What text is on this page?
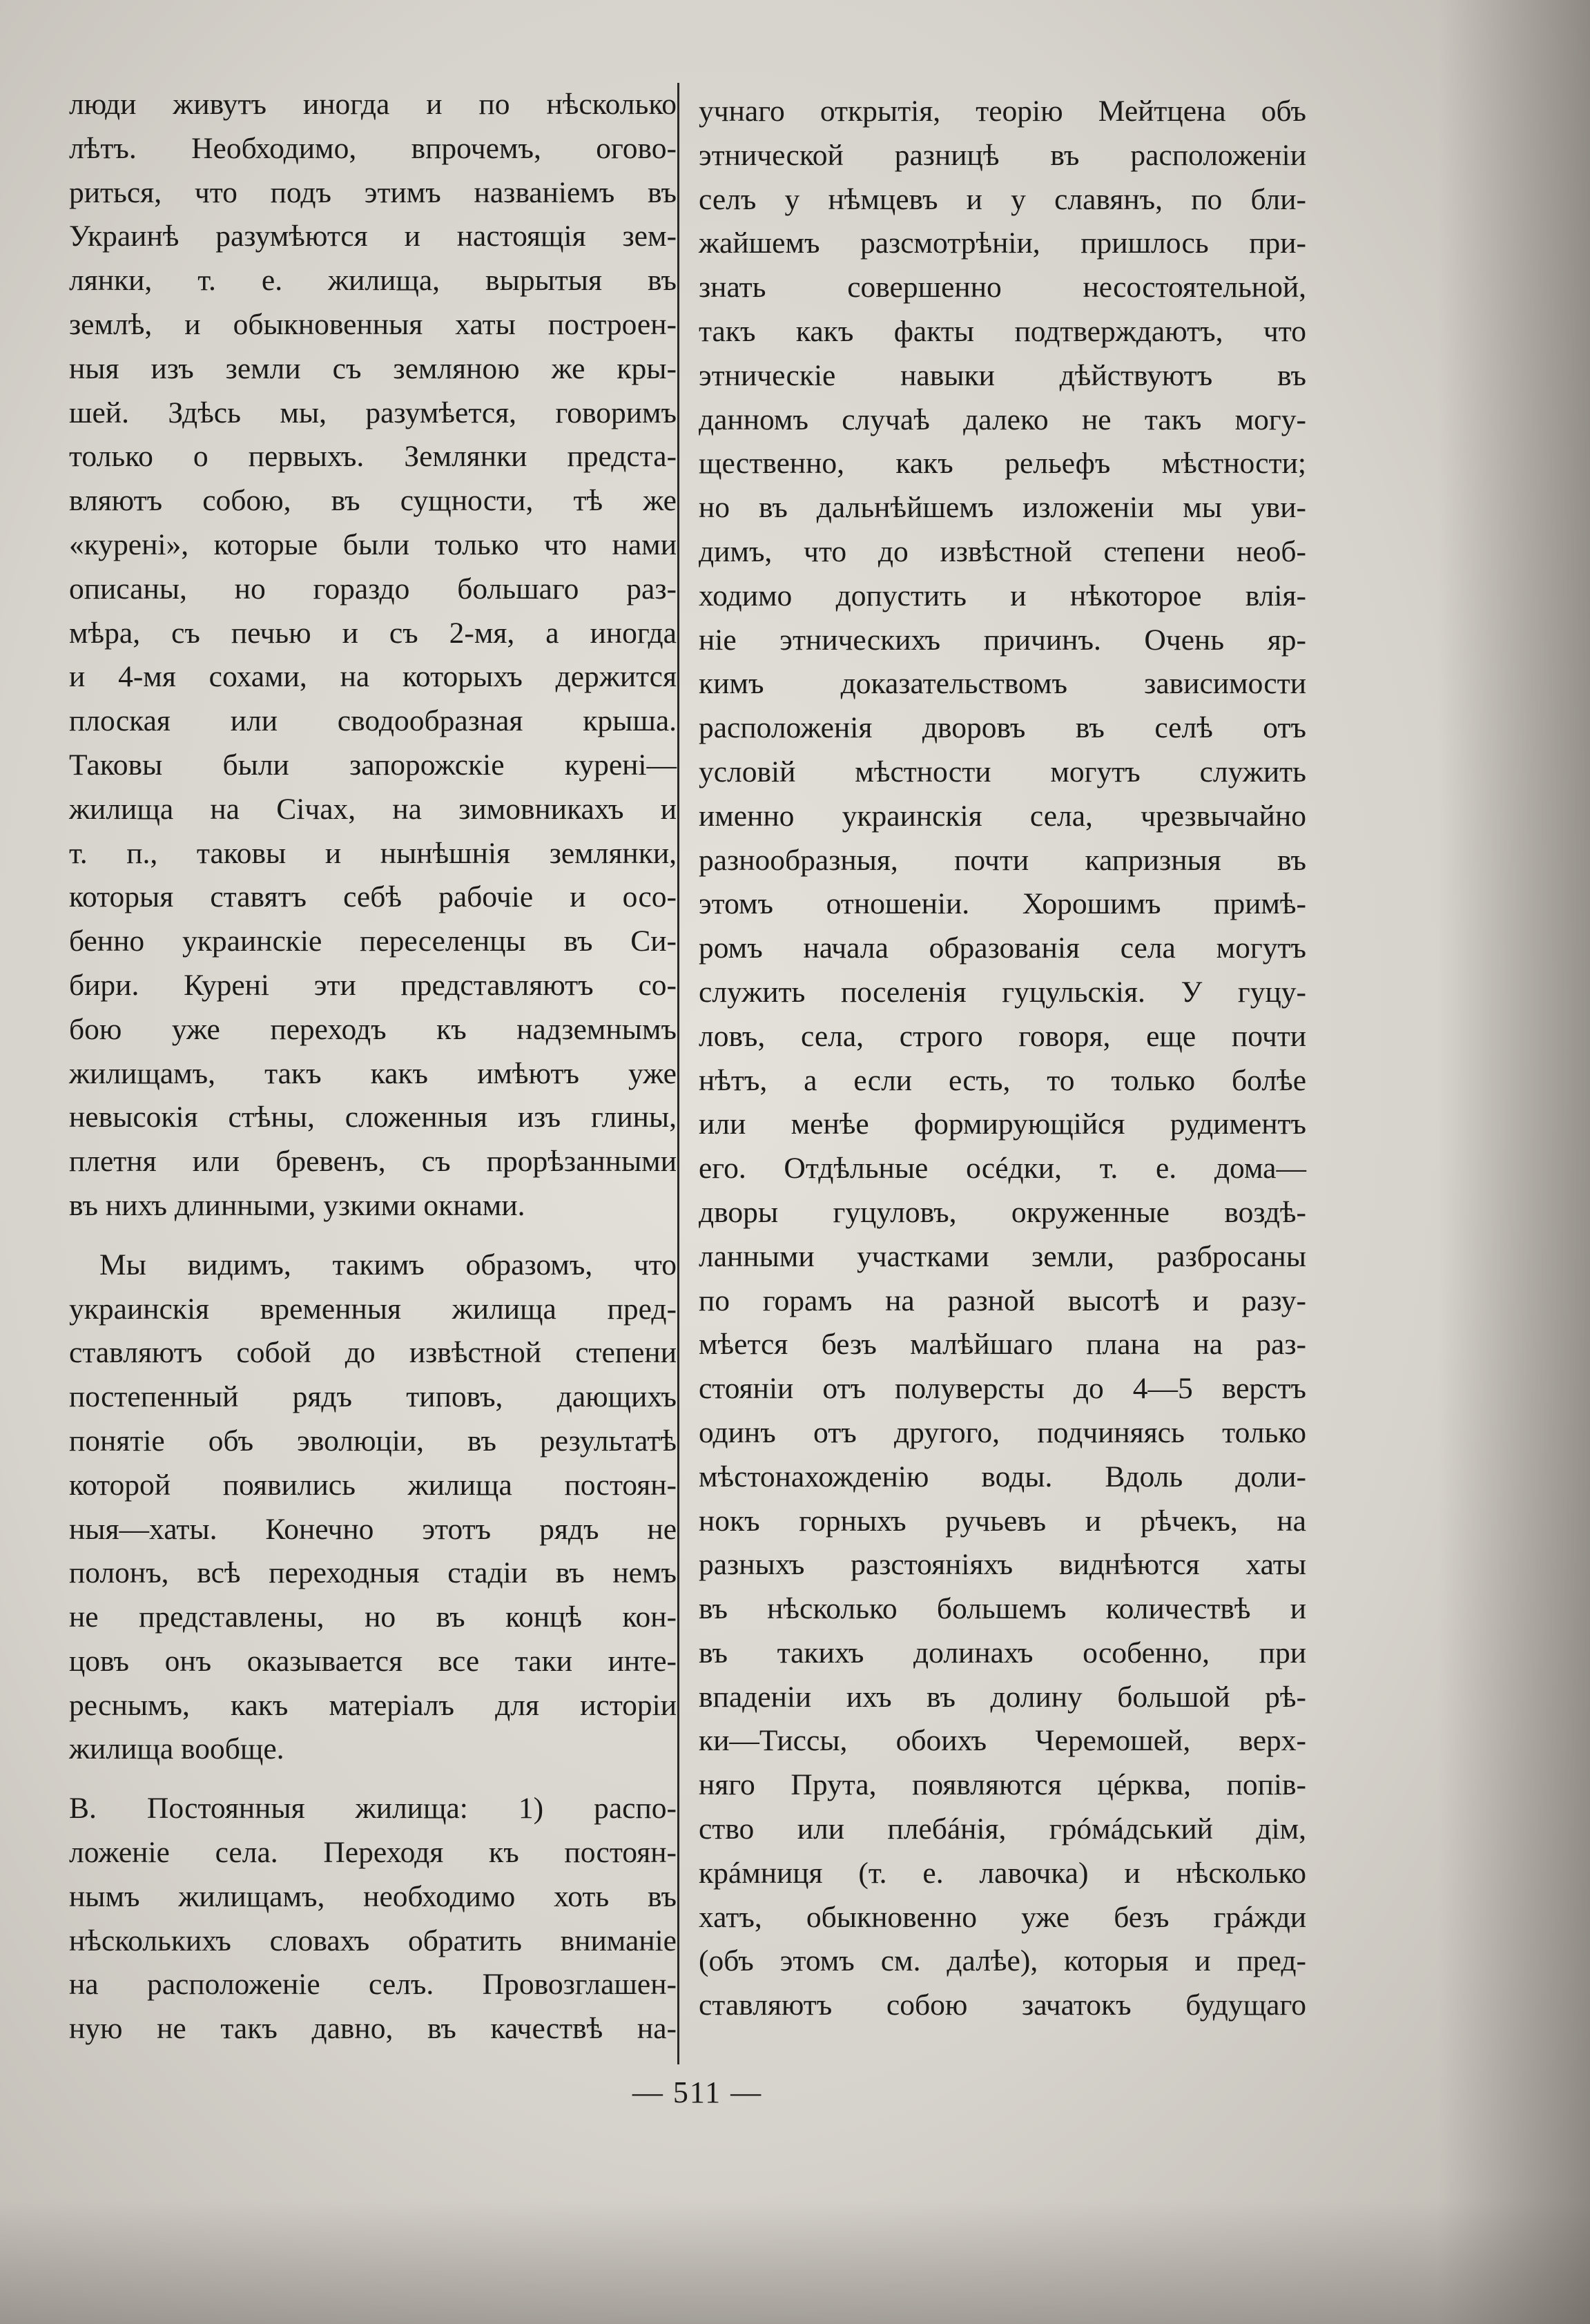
люди живутъ иногда и по нѣсколько
лѣтъ. Необходимо, впрочемъ, огово-
риться, что подъ этимъ названіемъ въ
Украинѣ разумѣются и настоящія зем-
лянки, т. е. жилища, вырытыя въ
землѣ, и обыкновенныя хаты построен-
ныя изъ земли съ земляною же кры-
шей. Здѣсь мы, разумѣется, говоримъ
только о первыхъ. Землянки предста-
вляютъ собою, въ сущности, тѣ же
«курені», которые были только что нами
описаны, но гораздо большаго раз-
мѣра, съ печью и съ 2-мя, а иногда
и 4-мя сохами, на которыхъ держится
плоская или сводообразная крыша.
Таковы были запорожскіе курені—
жилища на Січах, на зимовникахъ и
т. п., таковы и нынѣшнія землянки,
которыя ставятъ себѣ рабочіе и осо-
бенно украинскіе переселенцы въ Си-
бири. Курені эти представляютъ со-
бою уже переходъ къ надземнымъ
жилищамъ, такъ какъ имѣютъ уже
невысокія стѣны, сложенныя изъ глины,
плетня или бревенъ, съ прорѣзанными
въ нихъ длинными, узкими окнами.
Мы видимъ, такимъ образомъ, что
украинскія временныя жилища пред-
ставляютъ собой до извѣстной степени
постепенный рядъ типовъ, дающихъ
понятіе объ эволюціи, въ результатѣ
которой появились жилища постоян-
ныя—хаты. Конечно этотъ рядъ не
полонъ, всѣ переходныя стадіи въ немъ
не представлены, но въ концѣ кон-
цовъ онъ оказывается все таки инте-
реснымъ, какъ матеріалъ для исторіи
жилища вообще.
В. Постоянныя жилища: 1) распо-
ложеніе села. Переходя къ постоян-
нымъ жилищамъ, необходимо хоть въ
нѣсколькихъ словахъ обратить вниманіе
на расположеніе селъ. Провозглашен-
ную не такъ давно, въ качествѣ на-
учнаго открытія, теорію Мейтцена объ
этнической разницѣ въ расположеніи
селъ у нѣмцевъ и у славянъ, по бли-
жайшемъ разсмотрѣніи, пришлось при-
знать совершенно несостоятельной,
такъ какъ факты подтверждаютъ, что
этническіе навыки дѣйствуютъ въ
данномъ случаѣ далеко не такъ могу-
щественно, какъ рельефъ мѣстности;
но въ дальнѣйшемъ изложеніи мы уви-
димъ, что до извѣстной степени необ-
ходимо допустить и нѣкоторое влія-
ніе этническихъ причинъ. Очень яр-
кимъ доказательствомъ зависимости
расположенія дворовъ въ селѣ отъ
условій мѣстности могутъ служить
именно украинскія села, чрезвычайно
разнообразныя, почти капризныя въ
этомъ отношеніи. Хорошимъ примѣ-
ромъ начала образованія села могутъ
служить поселенія гуцульскія. У гуцу-
ловъ, села, строго говоря, еще почти
нѣтъ, а если есть, то только болѣе
или менѣе формирующійся рудиментъ
его. Отдѣльные осéдки, т. е. дома—
дворы гуцуловъ, окруженные воздѣ-
ланными участками земли, разбросаны
по горамъ на разной высотѣ и разу-
мѣется безъ малѣйшаго плана на раз-
стояніи отъ полуверсты до 4—5 верстъ
одинъ отъ другого, подчиняясь только
мѣстонахожденію воды. Вдоль доли-
нокъ горныхъ ручьевъ и рѣчекъ, на
разныхъ разстояніяхъ виднѣются хаты
въ нѣсколько большемъ количествѣ и
въ такихъ долинахъ особенно, при
впаденіи ихъ въ долину большой рѣ-
ки—Тиссы, обоихъ Черемошей, верх-
няго Прута, появляются цéрква, попів-
ство или плебáнія, грóмáдський дім,
крáмниця (т. е. лавочка) и нѣсколько
хатъ, обыкновенно уже безъ грáжди
(объ этомъ см. далѣе), которыя и пред-
ставляютъ собою зачатокъ будущаго
— 511 —
